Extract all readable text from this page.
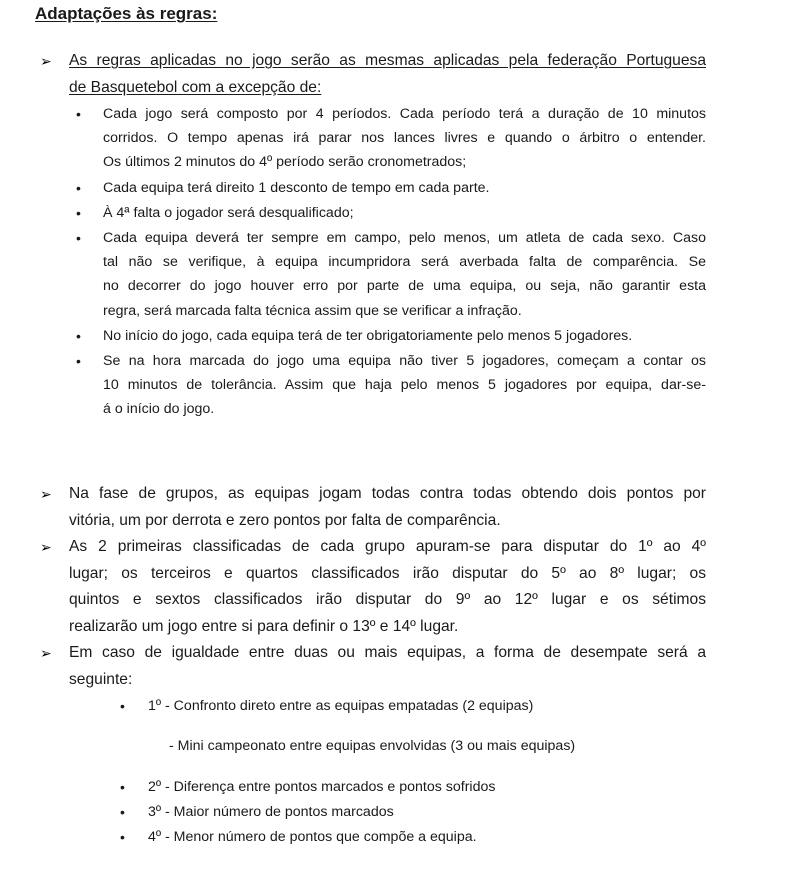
Adaptações às regras:
➢ As regras aplicadas no jogo serão as mesmas aplicadas pela federação Portuguesa
de Basquetebol com a excepção de:
• Cada jogo será composto por 4 períodos. Cada período terá a duração de 10 minutos
corridos. O tempo apenas irá parar nos lances livres e quando o árbitro o entender.
Os últimos 2 minutos do 4º período serão cronometrados;
• Cada equipa terá direito 1 desconto de tempo em cada parte.
• À 4ª falta o jogador será desqualificado;
• Cada equipa deverá ter sempre em campo, pelo menos, um atleta de cada sexo. Caso
tal não se verifique, à equipa incumpridora será averbada falta de comparência. Se
no decorrer do jogo houver erro por parte de uma equipa, ou seja, não garantir esta
regra, será marcada falta técnica assim que se verificar a infração.
• No início do jogo, cada equipa terá de ter obrigatoriamente pelo menos 5 jogadores.
• Se na hora marcada do jogo uma equipa não tiver 5 jogadores, começam a contar os
10 minutos de tolerância. Assim que haja pelo menos 5 jogadores por equipa, dar-se-
á o início do jogo.
➢ Na fase de grupos, as equipas jogam todas contra todas obtendo dois pontos por
vitória, um por derrota e zero pontos por falta de comparência.
➢ As 2 primeiras classificadas de cada grupo apuram-se para disputar do 1º ao 4º
lugar; os terceiros e quartos classificados irão disputar do 5º ao 8º lugar; os
quintos e sextos classificados irão disputar do 9º ao 12º lugar e os sétimos
realizarão um jogo entre si para definir o 13º e 14º lugar.
➢ Em caso de igualdade entre duas ou mais equipas, a forma de desempate será a
seguinte:
• 1º - Confronto direto entre as equipas empatadas (2 equipas)
- Mini campeonato entre equipas envolvidas (3 ou mais equipas)
• 2º - Diferença entre pontos marcados e pontos sofridos
• 3º - Maior número de pontos marcados
• 4º - Menor número de pontos que compõe a equipa.
